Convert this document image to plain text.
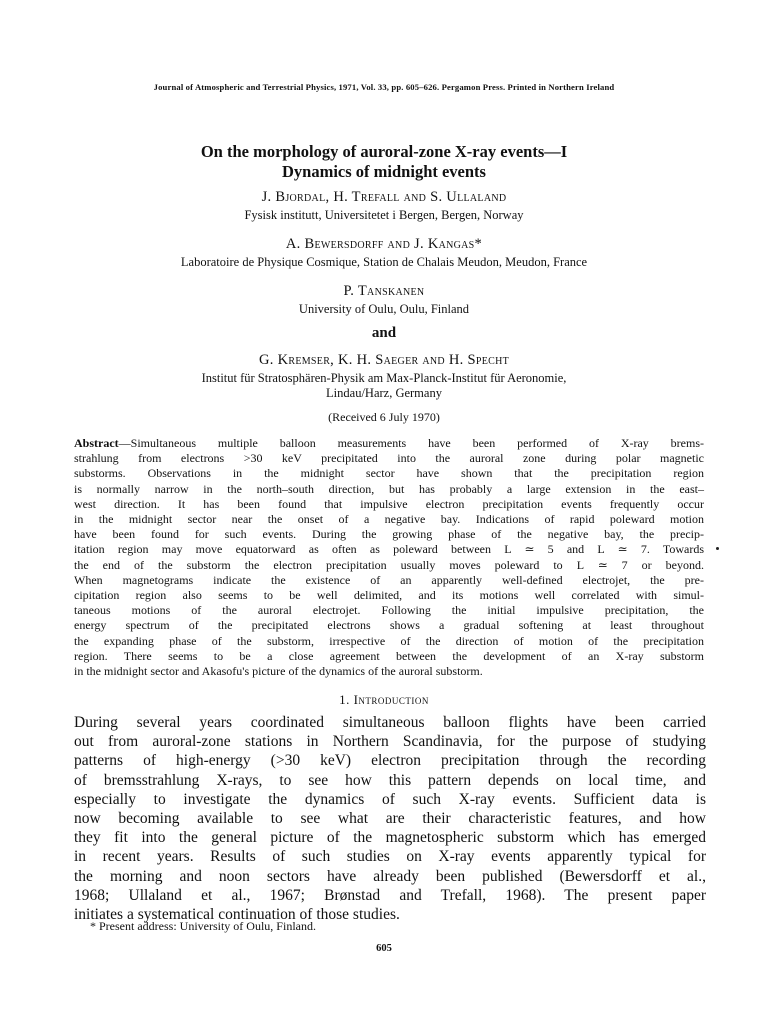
Journal of Atmospheric and Terrestrial Physics, 1971, Vol. 33, pp. 605–626. Pergamon Press. Printed in Northern Ireland
On the morphology of auroral-zone X-ray events—I
Dynamics of midnight events
J. Bjordal, H. Trefall and S. Ullaland
Fysisk institutt, Universitetet i Bergen, Bergen, Norway
A. Bewersdorff and J. Kangas*
Laboratoire de Physique Cosmique, Station de Chalais Meudon, Meudon, France
P. Tanskanen
University of Oulu, Oulu, Finland
and
G. Kremser, K. H. Saeger and H. Specht
Institut für Stratosphären-Physik am Max-Planck-Institut für Aeronomie,
Lindau/Harz, Germany
(Received 6 July 1970)
Abstract—Simultaneous multiple balloon measurements have been performed of X-ray brems-
strahlung from electrons >30 keV precipitated into the auroral zone during polar magnetic
substorms. Observations in the midnight sector have shown that the precipitation region
is normally narrow in the north–south direction, but has probably a large extension in the east–
west direction. It has been found that impulsive electron precipitation events frequently occur
in the midnight sector near the onset of a negative bay. Indications of rapid poleward motion
have been found for such events. During the growing phase of the negative bay, the precip-
itation region may move equatorward as often as poleward between L ≃ 5 and L ≃ 7. Towards
the end of the substorm the electron precipitation usually moves poleward to L ≃ 7 or beyond.
When magnetograms indicate the existence of an apparently well-defined electrojet, the pre-
cipitation region also seems to be well delimited, and its motions well correlated with simul-
taneous motions of the auroral electrojet. Following the initial impulsive precipitation, the
energy spectrum of the precipitated electrons shows a gradual softening at least throughout
the expanding phase of the substorm, irrespective of the direction of motion of the precipitation
region. There seems to be a close agreement between the development of an X-ray substorm
in the midnight sector and Akasofu's picture of the dynamics of the auroral substorm.
1. Introduction
During several years coordinated simultaneous balloon flights have been carried
out from auroral-zone stations in Northern Scandinavia, for the purpose of studying
patterns of high-energy (>30 keV) electron precipitation through the recording
of bremsstrahlung X-rays, to see how this pattern depends on local time, and
especially to investigate the dynamics of such X-ray events. Sufficient data is
now becoming available to see what are their characteristic features, and how
they fit into the general picture of the magnetospheric substorm which has emerged
in recent years. Results of such studies on X-ray events apparently typical for
the morning and noon sectors have already been published (Bewersdorff et al.,
1968; Ullaland et al., 1967; Brønstad and Trefall, 1968). The present paper
initiates a systematical continuation of those studies.
* Present address: University of Oulu, Finland.
605
